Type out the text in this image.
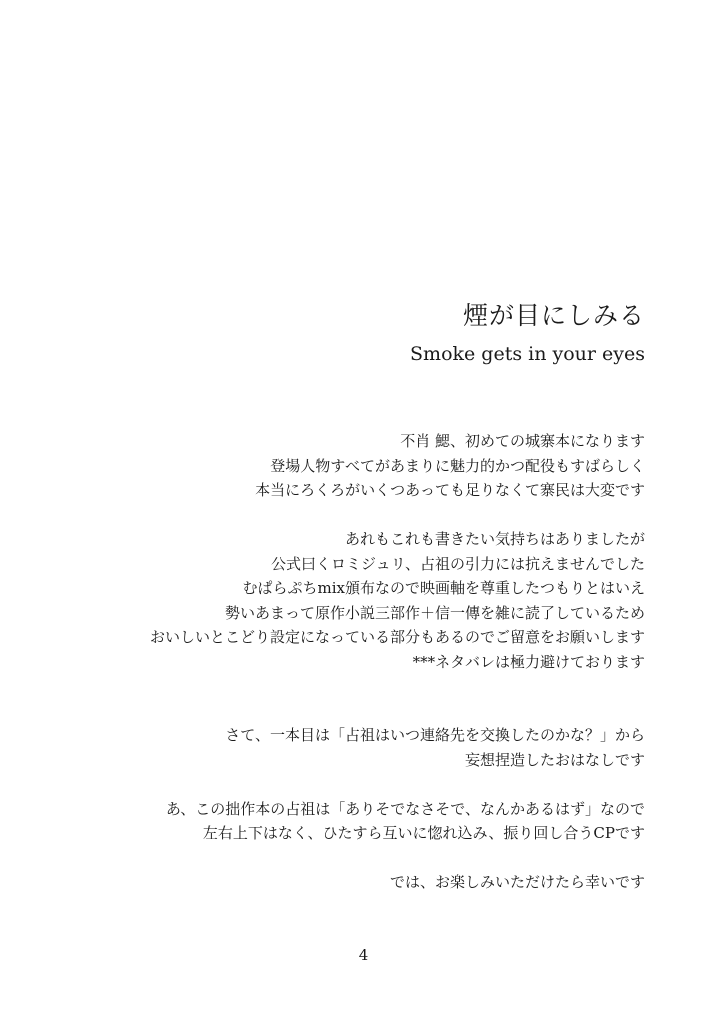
煙が目にしみる
Smoke gets in your eyes
不肖 鰓、初めての城寨本になります
登場人物すべてがあまりに魅力的かつ配役もすばらしく
本当にろくろがいくつあっても足りなくて寨民は大変です
あれもこれも書きたい気持ちはありましたが
公式曰くロミジュリ、占祖の引力には抗えませんでした
むぱらぷちmix頒布なので映画軸を尊重したつもりとはいえ
勢いあまって原作小説三部作＋信一傳を雑に読了しているため
おいしいとこどり設定になっている部分もあるのでご留意をお願いします
***ネタバレは極力避けております
さて、一本目は「占祖はいつ連絡先を交換したのかな？」から
妄想捏造したおはなしです
あ、この拙作本の占祖は「ありそでなさそで、なんかあるはず」なので
左右上下はなく、ひたすら互いに惚れ込み、振り回し合うCPです
では、お楽しみいただけたら幸いです
4
